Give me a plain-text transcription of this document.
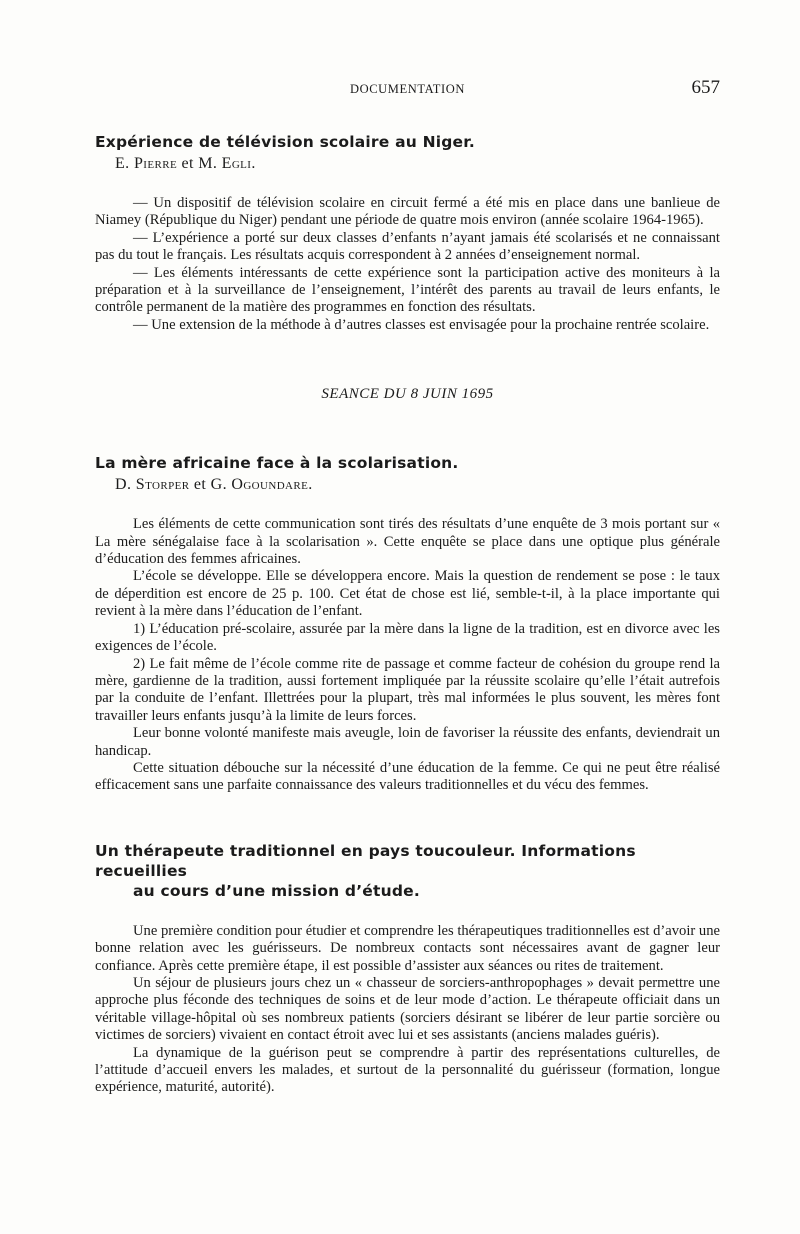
DOCUMENTATION	657
Expérience de télévision scolaire au Niger.
E. Pierre et M. Egli.

— Un dispositif de télévision scolaire en circuit fermé a été mis en place dans une banlieue de Niamey (République du Niger) pendant une période de quatre mois environ (année scolaire 1964-1965).

— L’expérience a porté sur deux classes d’enfants n’ayant jamais été scolarisés et ne connaissant pas du tout le français. Les résultats acquis correspondent à 2 années d’enseignement normal.

— Les éléments intéressants de cette expérience sont la participation active des moniteurs à la préparation et à la surveillance de l’enseignement, l’intérêt des parents au travail de leurs enfants, le contrôle permanent de la matière des programmes en fonction des résultats.

— Une extension de la méthode à d’autres classes est envisagée pour la prochaine rentrée scolaire.

SEANCE DU 8 JUIN 1695
La mère africaine face à la scolarisation.
D. Storper et G. Ogoundare.

Les éléments de cette communication sont tirés des résultats d’une enquête de 3 mois portant sur « La mère sénégalaise face à la scolarisation ». Cette enquête se place dans une optique plus générale d’éducation des femmes africaines.

L’école se développe. Elle se développera encore. Mais la question de rendement se pose : le taux de déperdition est encore de 25 p. 100. Cet état de chose est lié, semble-t-il, à la place importante qui revient à la mère dans l’éducation de l’enfant.

1) L’éducation pré-scolaire, assurée par la mère dans la ligne de la tradition, est en divorce avec les exigences de l’école.

2) Le fait même de l’école comme rite de passage et comme facteur de cohésion du groupe rend la mère, gardienne de la tradition, aussi fortement impliquée par la réussite scolaire qu’elle l’était autrefois par la conduite de l’enfant. Illettrées pour la plupart, très mal informées le plus souvent, les mères font travailler leurs enfants jusqu’à la limite de leurs forces.

Leur bonne volonté manifeste mais aveugle, loin de favoriser la réussite des enfants, deviendrait un handicap.

Cette situation débouche sur la nécessité d’une éducation de la femme. Ce qui ne peut être réalisé efficacement sans une parfaite connaissance des valeurs traditionnelles et du vécu des femmes.

Un thérapeute traditionnel en pays toucouleur. Informations recueillies
au cours d’une mission d’étude.

Une première condition pour étudier et comprendre les thérapeutiques traditionnelles est d’avoir une bonne relation avec les guérisseurs. De nombreux contacts sont nécessaires avant de gagner leur confiance. Après cette première étape, il est possible d’assister aux séances ou rites de traitement.

Un séjour de plusieurs jours chez un « chasseur de sorciers-anthropophages » devait permettre une approche plus féconde des techniques de soins et de leur mode d’action. Le thérapeute officiait dans un véritable village-hôpital où ses nombreux patients (sorciers désirant se libérer de leur partie sorcière ou victimes de sorciers) vivaient en contact étroit avec lui et ses assistants (anciens malades guéris).

La dynamique de la guérison peut se comprendre à partir des représentations culturelles, de l’attitude d’accueil envers les malades, et surtout de la personnalité du guérisseur (formation, longue expérience, maturité, autorité).
